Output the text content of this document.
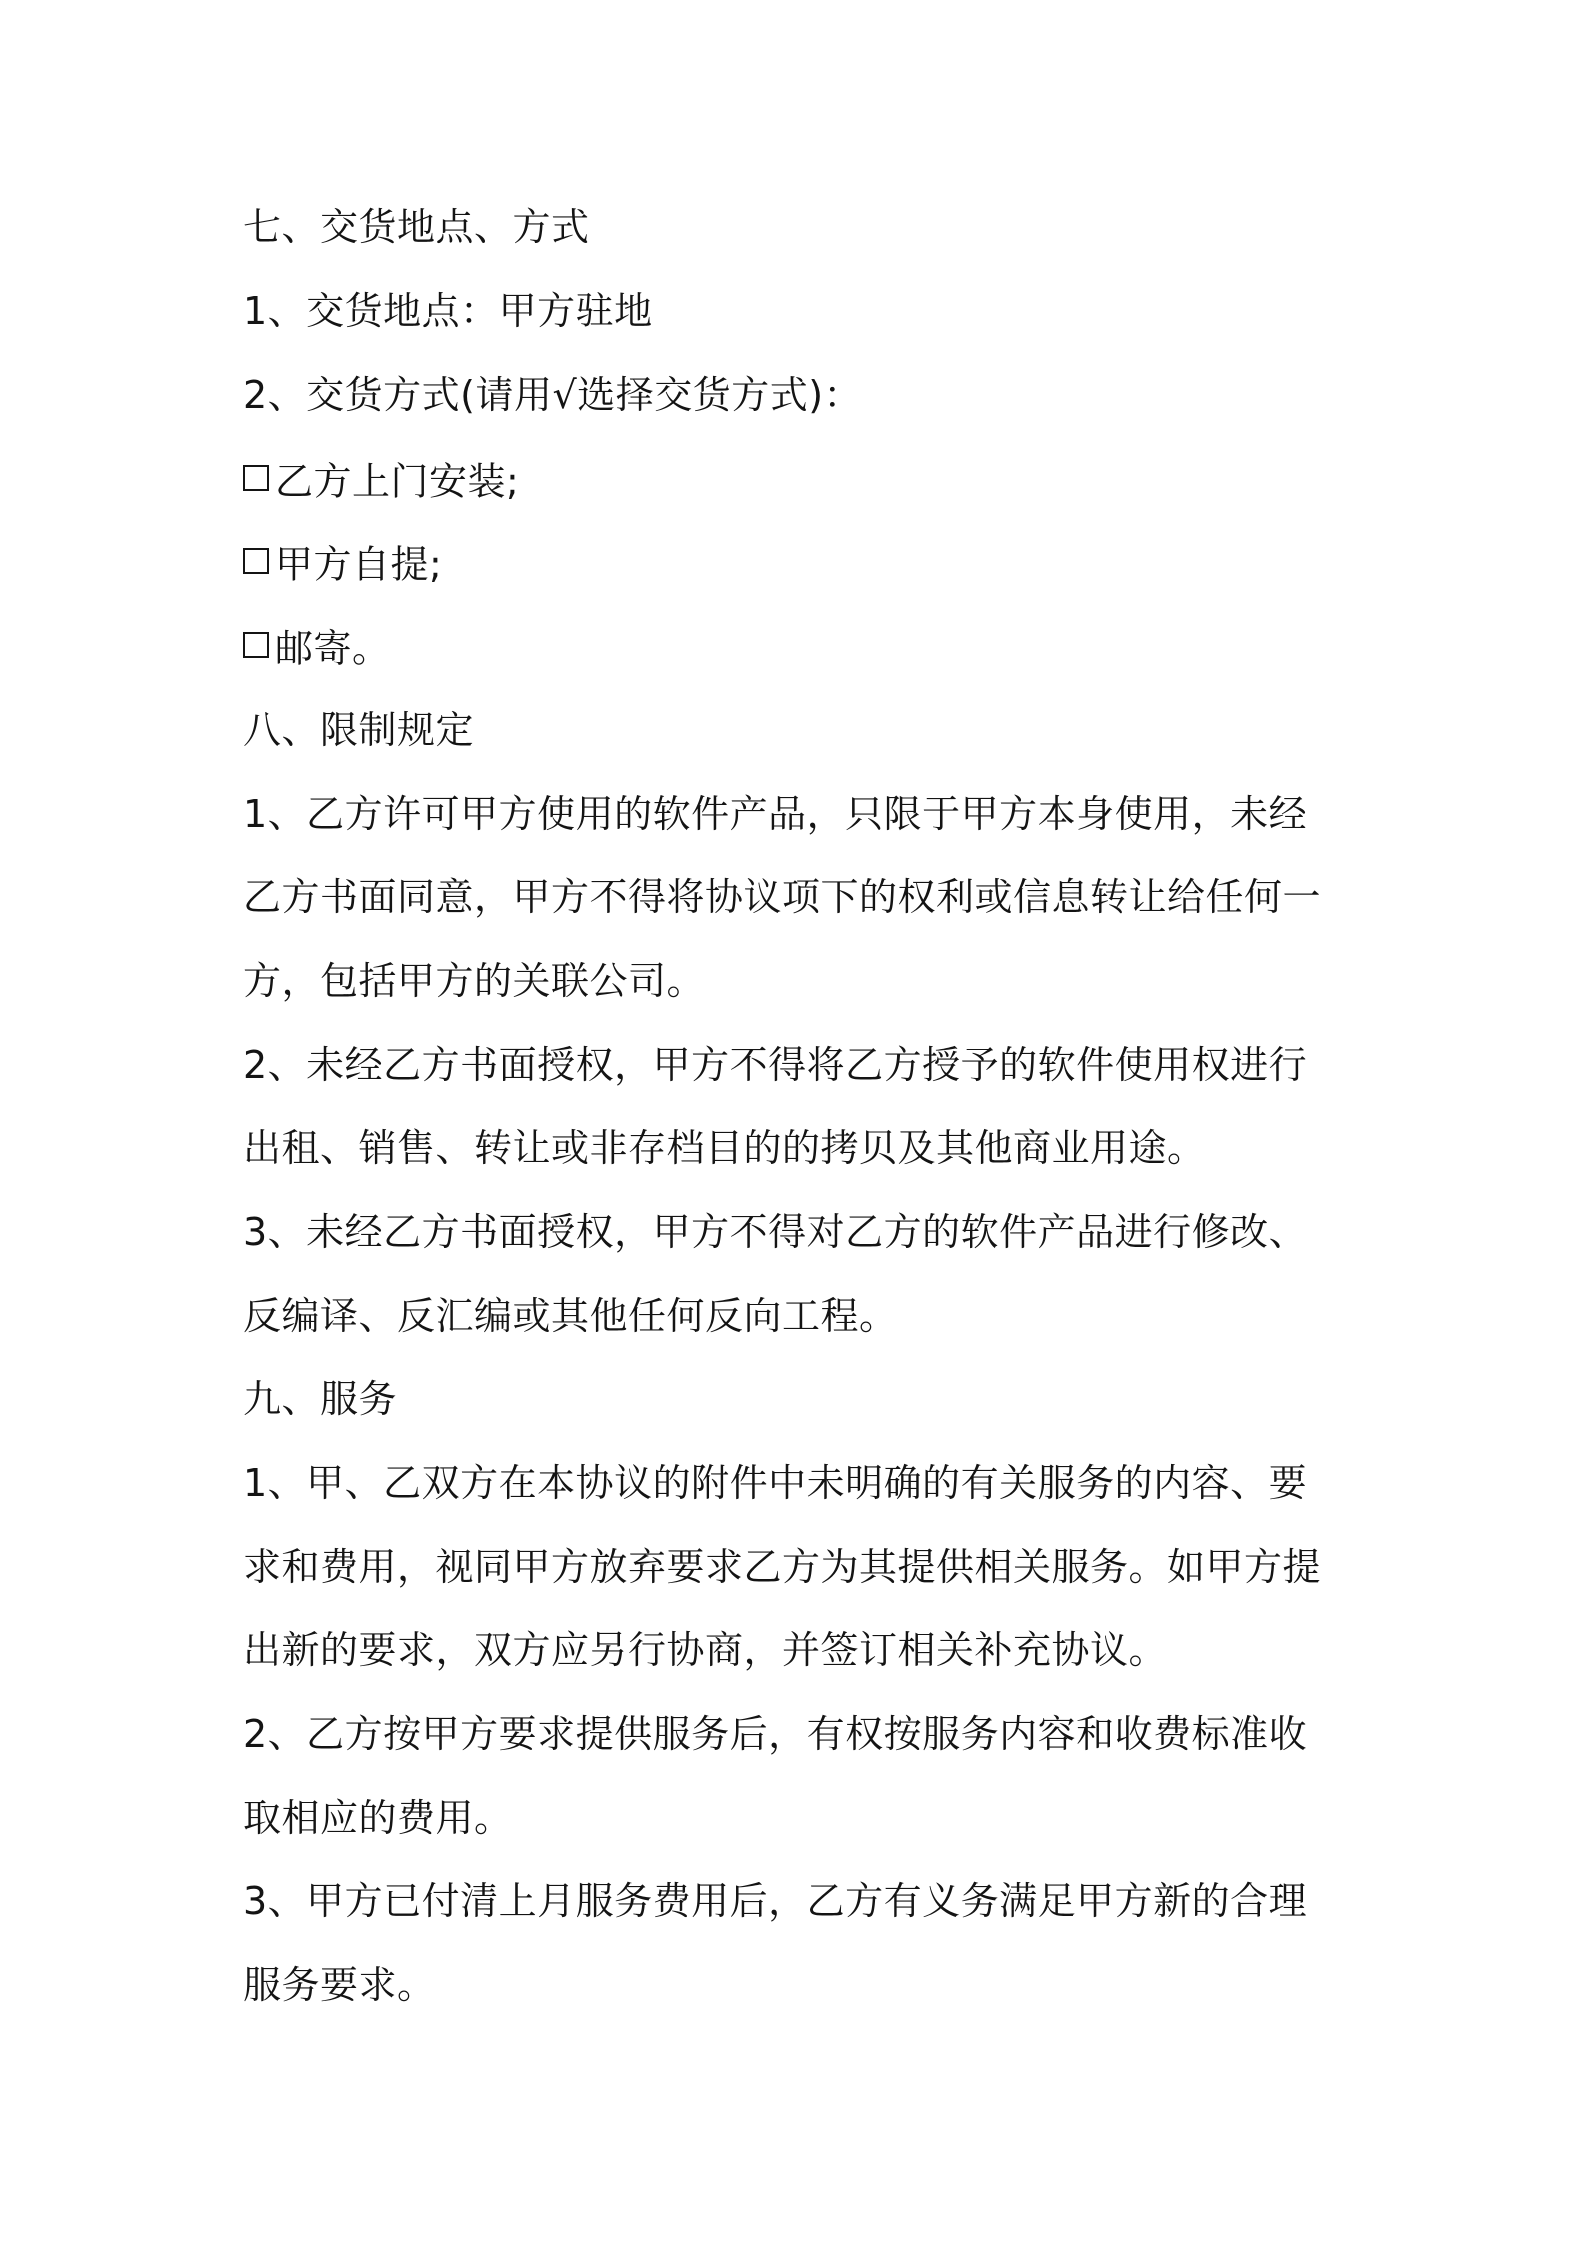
七、交货地点、方式
1、交货地点：甲方驻地
2、交货方式(请用√选择交货方式)：
乙方上门安装;
甲方自提;
邮寄。
八、限制规定
1、乙方许可甲方使用的软件产品，只限于甲方本身使用，未经
乙方书面同意，甲方不得将协议项下的权利或信息转让给任何一
方，包括甲方的关联公司。
2、未经乙方书面授权，甲方不得将乙方授予的软件使用权进行
出租、销售、转让或非存档目的的拷贝及其他商业用途。
3、未经乙方书面授权，甲方不得对乙方的软件产品进行修改、
反编译、反汇编或其他任何反向工程。
九、服务
1、甲、乙双方在本协议的附件中未明确的有关服务的内容、要
求和费用，视同甲方放弃要求乙方为其提供相关服务。如甲方提
出新的要求，双方应另行协商，并签订相关补充协议。
2、乙方按甲方要求提供服务后，有权按服务内容和收费标准收
取相应的费用。
3、甲方已付清上月服务费用后，乙方有义务满足甲方新的合理
服务要求。
